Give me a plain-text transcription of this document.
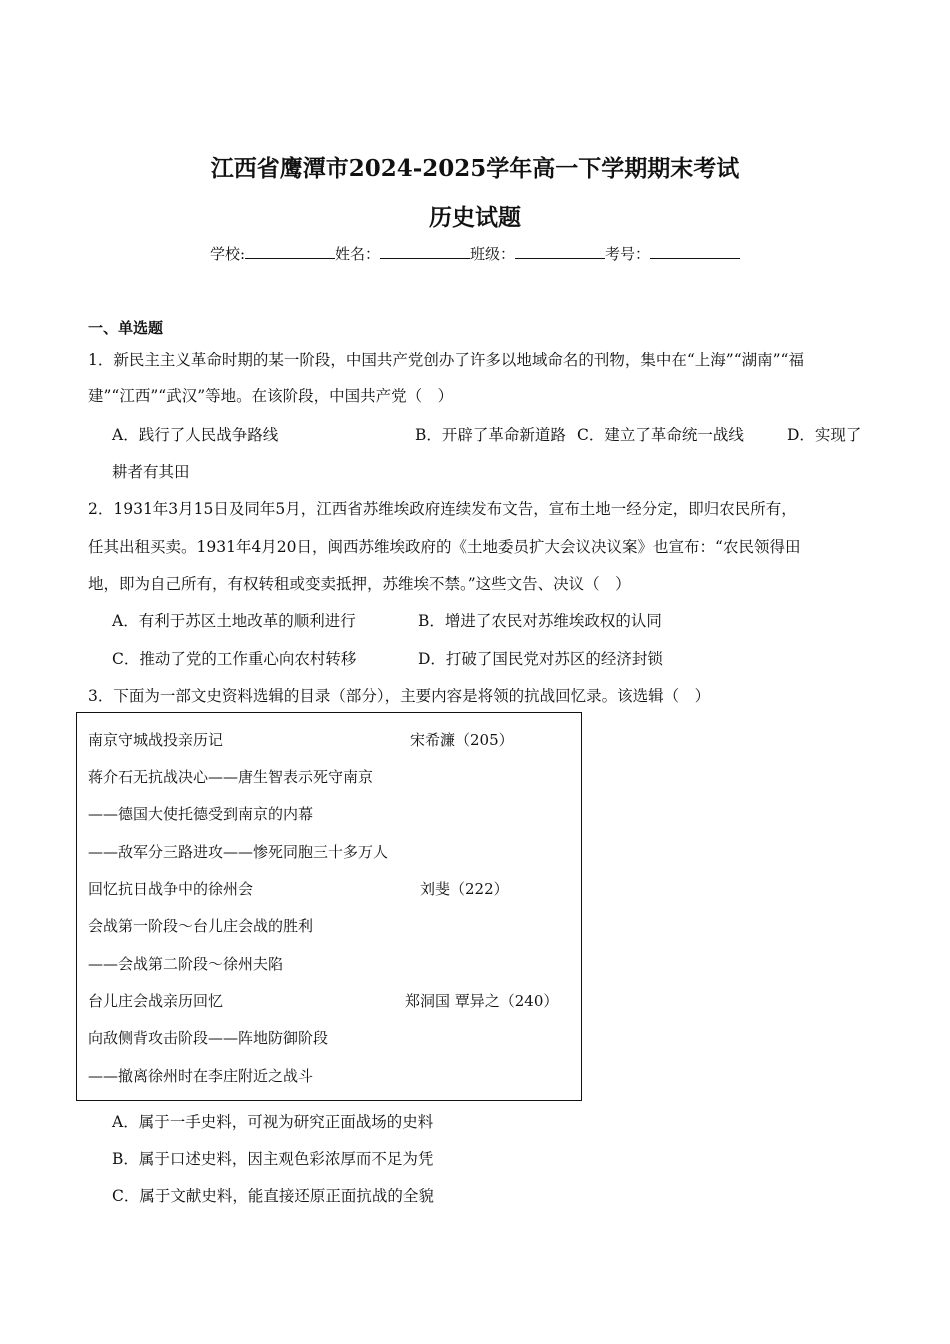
江西省鹰潭市2024-2025学年高一下学期期末考试
历史试题
学校:	姓名：	班级：	考号：
一、单选题
1．新民主主义革命时期的某一阶段，中国共产党创办了许多以地域命名的刊物，集中在“上海”“湖南”“福
建”“江西”“武汉”等地。在该阶段，中国共产党（　）
A．践行了人民战争路线	B．开辟了革命新道路 C．建立了革命统一战线	D．实现了
耕者有其田
2．1931年3月15日及同年5月，江西省苏维埃政府连续发布文告，宣布土地一经分定，即归农民所有，
任其出租买卖。1931年4月20日，闽西苏维埃政府的《土地委员扩大会议决议案》也宣布：“农民领得田
地，即为自己所有，有权转租或变卖抵押，苏维埃不禁。”这些文告、决议（　）
A．有利于苏区土地改革的顺利进行	B．增进了农民对苏维埃政权的认同
C．推动了党的工作重心向农村转移	D．打破了国民党对苏区的经济封锁
3．下面为一部文史资料选辑的目录（部分），主要内容是将领的抗战回忆录。该选辑（　）
南京守城战投亲历记	宋希濂（205）
蒋介石无抗战决心——唐生智表示死守南京
——德国大使托德受到南京的内幕
——敌军分三路进攻——惨死同胞三十多万人
回忆抗日战争中的徐州会	刘斐（222）
会战第一阶段～台儿庄会战的胜利
——会战第二阶段～徐州夫陷
台儿庄会战亲历回忆	郑洞国 覃异之（240）
向敌侧背攻击阶段——阵地防御阶段
——撤离徐州时在李庄附近之战斗
A．属于一手史料，可视为研究正面战场的史料
B．属于口述史料，因主观色彩浓厚而不足为凭
C．属于文献史料，能直接还原正面抗战的全貌
